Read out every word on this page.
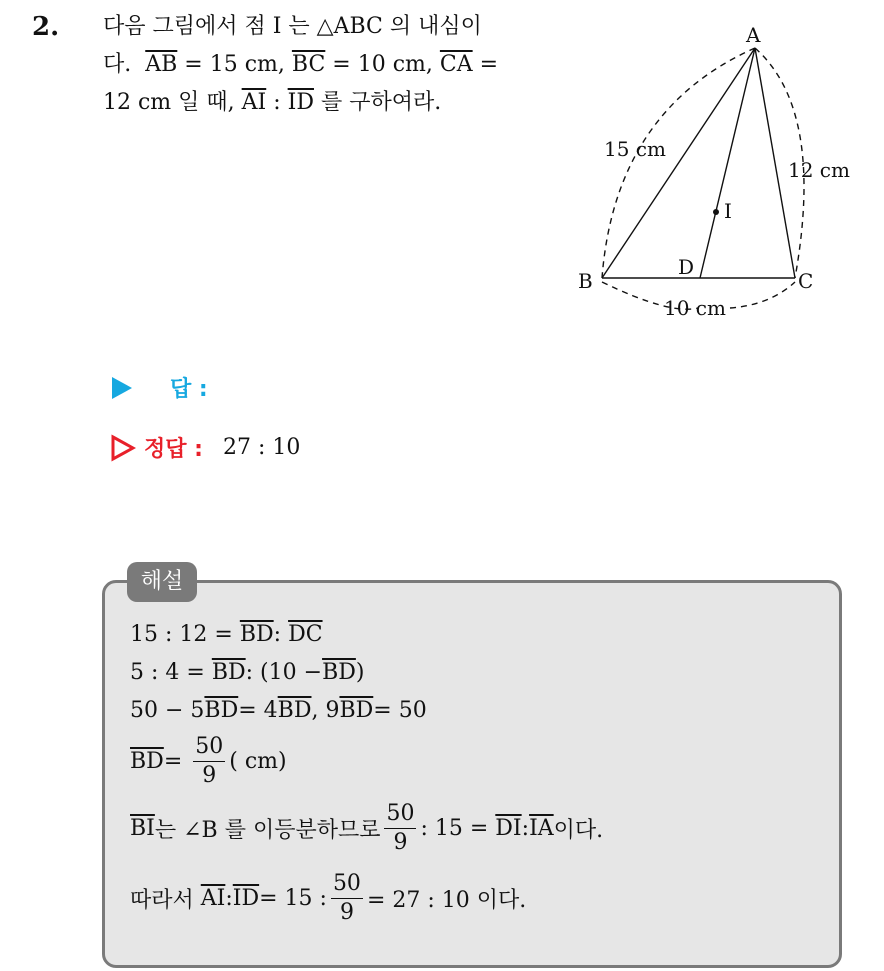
2. 다음 그림에서 점 I 는 △ABC 의 내심이
다. $\overline{AB} = 15$ cm, $\overline{BC} = 10$ cm, $\overline{CA}$ =
12 cm 일 때, $\overline{AI}$ : $\overline{ID}$ 를 구하여라.
A
B	C
D
I
15 cm
12 cm
10 cm
답 :
정답 : 27 : 10
해설
15 : 12 =
$\overline{BD}$ :
$\overline{DC}$
5 : 4 =
$\overline{BD}$ : ($10 - \overline{BD}$ )
50 − 5 $\overline{BD} = 4$ $\overline{BD}$ , 9 $\overline{BD} = 50$
$\overline{BD}$ =
$\frac{50}{9}$ ( cm)
$\overline{BI}$ 는 ∠B 를 이등분하므로 $\frac{50}{9}$ : 15 =
$\overline{DI}$ : $\overline{IA}$ 이다.
따라서
$\overline{AI}$ : $\overline{ID} = 15$ : $\frac{50}{9} = 27$ : 10 이다.
